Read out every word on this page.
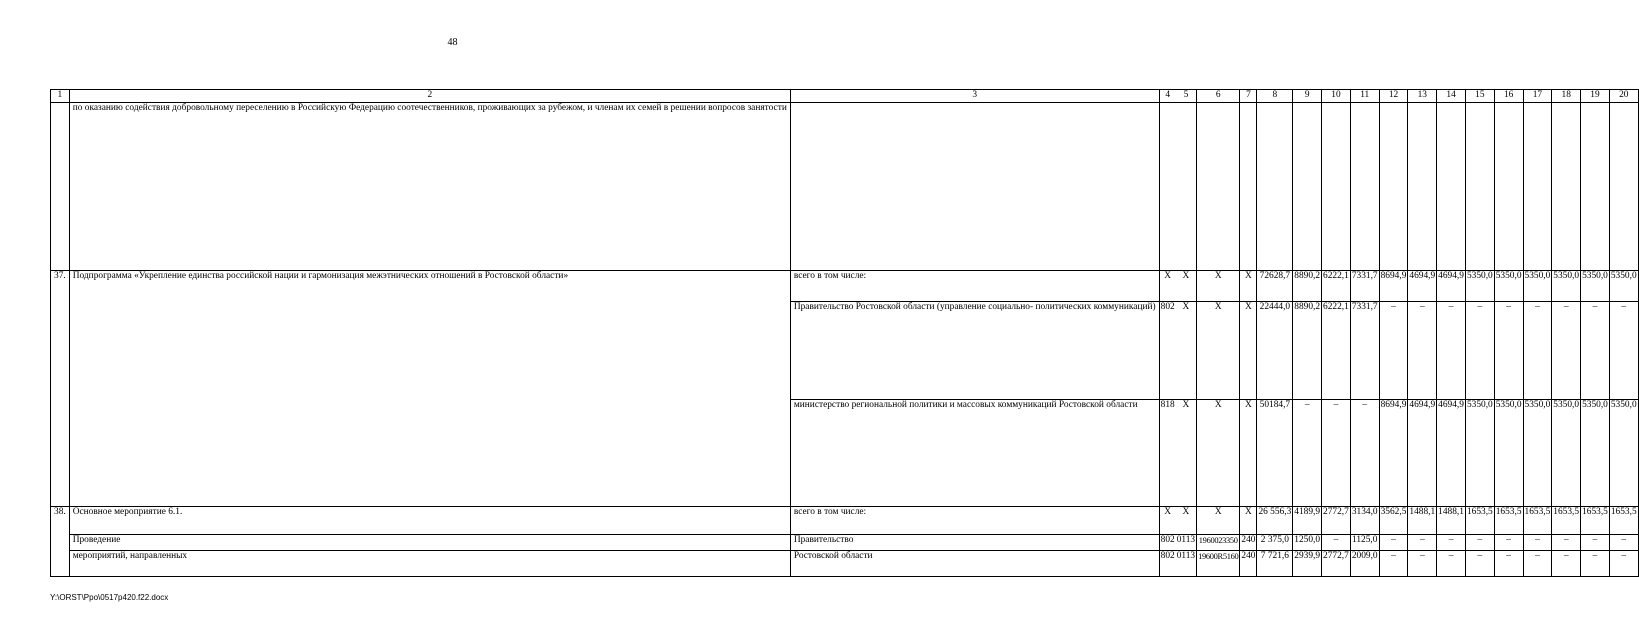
48
1	2	3	4	5	6	7	8	9	10	11	12	13	14	15	16	17	18	19	20
	по оказанию содействия добровольному переселению в Российскую Федерацию соотечественников, проживающих за рубежом, и членам их семей в решении вопросов занятости																		
37.	Подпрограмма «Укрепление единства российской нации и гармонизация межэтнических отношений в Ростовской области»	всего в том числе:	Х	Х	Х	Х	72628,7	8890,2	6222,1	7331,7	8694,9	4694,9	4694,9	5350,0	5350,0	5350,0	5350,0	5350,0	5350,0
		Правительство Ростовской области (управление социально- политических коммуникаций)	802	Х	Х	Х	22444,0	8890,2	6222,1	7331,7	–	–	–	–	–	–	–	–	–
		министерство региональной политики и массовых коммуникаций Ростовской области	818	Х	Х	Х	50184,7	–	–	–	8694,9	4694,9	4694,9	5350,0	5350,0	5350,0	5350,0	5350,0	5350,0
38.	Основное мероприятие 6.1.	всего в том числе:	Х	Х	Х	Х	26 556,3	4189,9	2772,7	3134,0	3562,5	1488,1	1488,1	1653,5	1653,5	1653,5	1653,5	1653,5	1653,5
	Проведение	Правительство	802	0113	1960023350	240	2 375,0	1250,0	–	1125,0	–	–	–	–	–	–	–	–	–
	мероприятий, направленных	Ростовской области	802	0113	19600R5160	240	7 721,6	2939,9	2772,7	2009,0	–	–	–	–	–	–	–	–	–
Y:\ORST\Ppo\0517p420.f22.docx
